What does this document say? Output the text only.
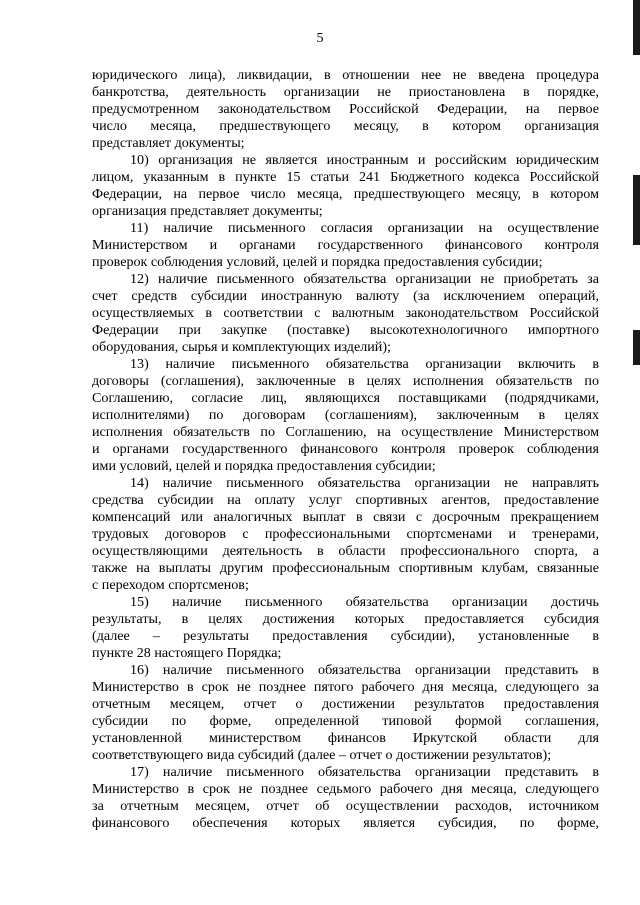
5
юридического лица), ликвидации, в отношении нее не введена процедура
банкротства, деятельность организации не приостановлена в порядке,
предусмотренном законодательством Российской Федерации, на первое
число месяца, предшествующего месяцу, в котором организация
представляет документы;
10) организация не является иностранным и российским юридическим
лицом, указанным в пункте 15 статьи 241 Бюджетного кодекса Российской
Федерации, на первое число месяца, предшествующего месяцу, в котором
организация представляет документы;
11) наличие письменного согласия организации на осуществление
Министерством и органами государственного финансового контроля
проверок соблюдения условий, целей и порядка предоставления субсидии;
12) наличие письменного обязательства организации не приобретать за
счет средств субсидии иностранную валюту (за исключением операций,
осуществляемых в соответствии с валютным законодательством Российской
Федерации при закупке (поставке) высокотехнологичного импортного
оборудования, сырья и комплектующих изделий);
13) наличие письменного обязательства организации включить в
договоры (соглашения), заключенные в целях исполнения обязательств по
Соглашению, согласие лиц, являющихся поставщиками (подрядчиками,
исполнителями) по договорам (соглашениям), заключенным в целях
исполнения обязательств по Соглашению, на осуществление Министерством
и органами государственного финансового контроля проверок соблюдения
ими условий, целей и порядка предоставления субсидии;
14) наличие письменного обязательства организации не направлять
средства субсидии на оплату услуг спортивных агентов, предоставление
компенсаций или аналогичных выплат в связи с досрочным прекращением
трудовых договоров с профессиональными спортсменами и тренерами,
осуществляющими деятельность в области профессионального спорта, а
также на выплаты другим профессиональным спортивным клубам, связанные
с переходом спортсменов;
15) наличие письменного обязательства организации достичь
результаты, в целях достижения которых предоставляется субсидия
(далее – результаты предоставления субсидии), установленные в
пункте 28 настоящего Порядка;
16) наличие письменного обязательства организации представить в
Министерство в срок не позднее пятого рабочего дня месяца, следующего за
отчетным месяцем, отчет о достижении результатов предоставления
субсидии по форме, определенной типовой формой соглашения,
установленной министерством финансов Иркутской области для
соответствующего вида субсидий (далее – отчет о достижении результатов);
17) наличие письменного обязательства организации представить в
Министерство в срок не позднее седьмого рабочего дня месяца, следующего
за отчетным месяцем, отчет об осуществлении расходов, источником
финансового обеспечения которых является субсидия, по форме,
